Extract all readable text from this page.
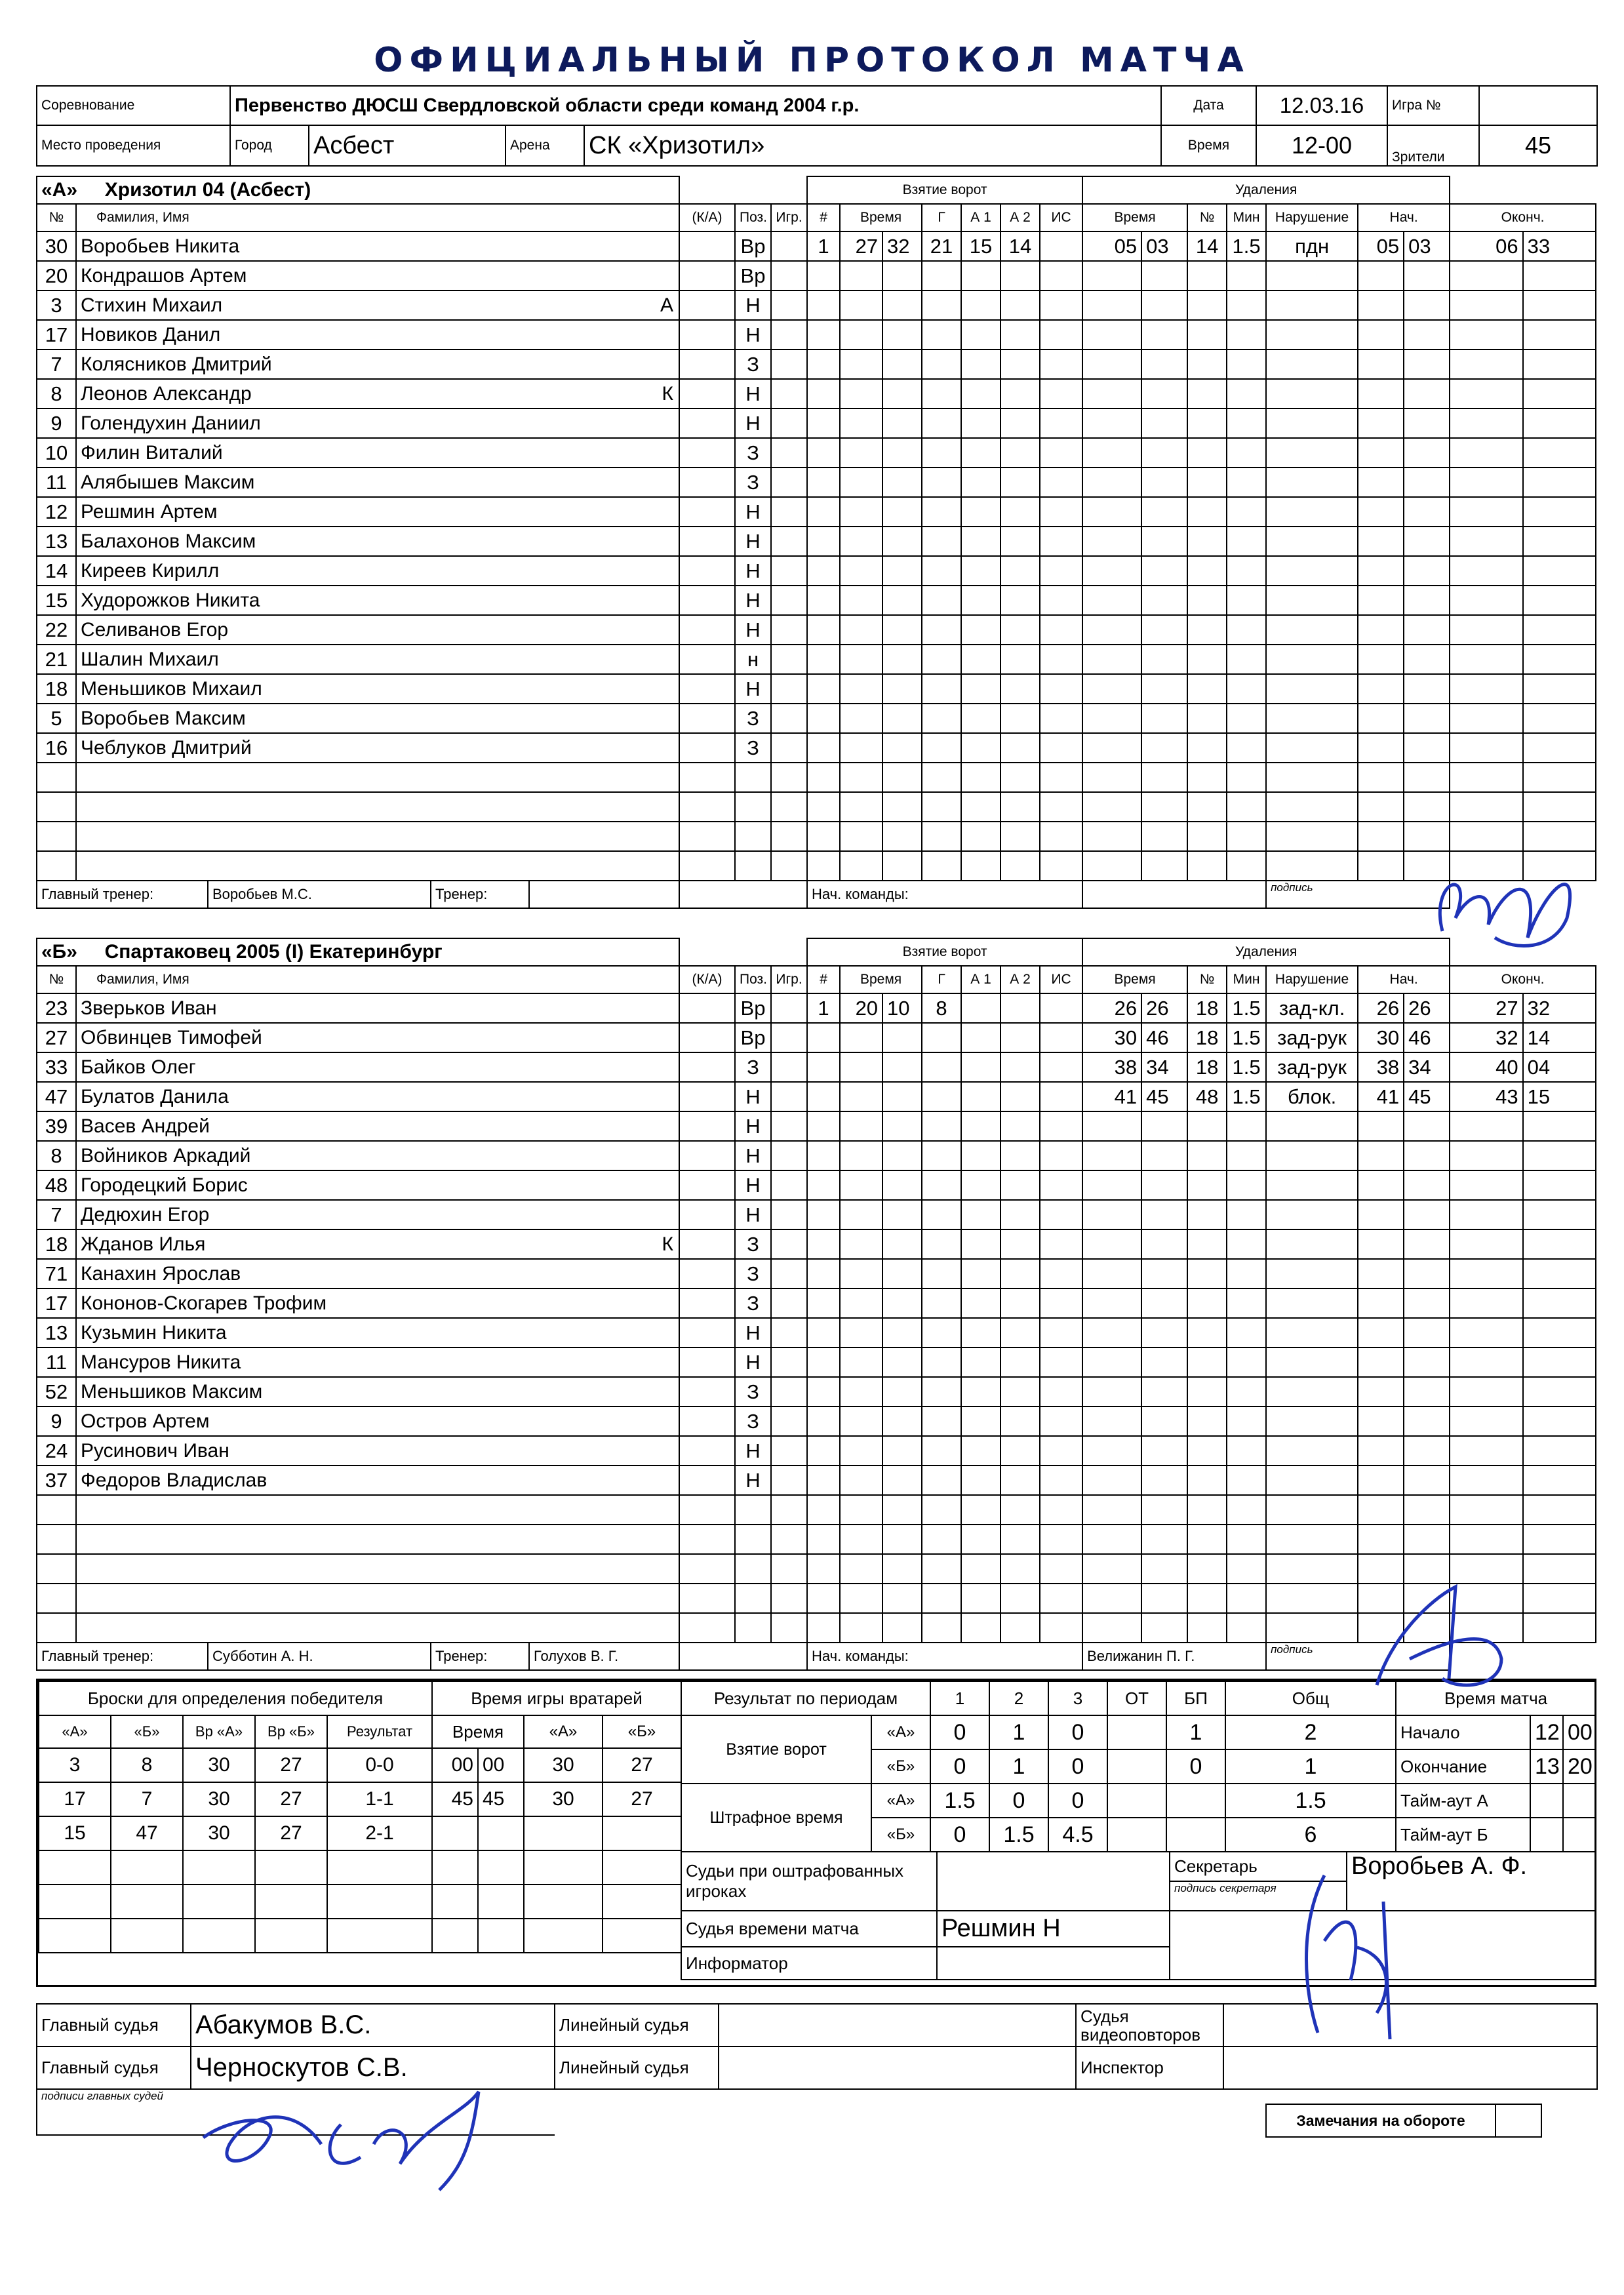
ОФИЦИАЛЬНЫЙ ПРОТОКОЛ МАТЧА
Соревнование	Первенство ДЮСШ Свердловской области среди команд 2004 г.р.	Дата	12.03.16	Игра №	
Место проведения	Город	Асбест	Арена	СК «Хризотил»	Время	12-00	Зрители	45
«А» Хризотил 04 (Асбест)		Взятие ворот	Удаления
№	Фамилия, Имя	(К/А)	Поз.	Игр.	#	Время	Г	А 1	А 2	ИС	Время	№	Мин	Нарушение	Нач.	Оконч.
30	Воробьев Никита		Вр		1	27	32	21	15	14		05	03	14	1.5	пдн	05	03	06	33
20	Кондрашов Артем		Вр																	
3	Стихин Михаил	А		Н																	
17	Новиков Данил		Н																	
7	Колясников Дмитрий		З																	
8	Леонов Александр	К		Н																	
9	Голендухин Даниил		Н																	
10	Филин Виталий		З																	
11	Алябышев Максим		З																	
12	Решмин Артем		Н																	
13	Балахонов Максим		Н																	
14	Киреев Кирилл		Н																	
15	Худорожков Никита		Н																	
22	Селиванов Егор		Н																	
21	Шалин Михаил		н																	
18	Меньшиков Михаил		Н																	
5	Воробьев Максим		З																	
16	Чеблуков Дмитрий		З																	

Главный тренер:	Воробьев М.С.	Тренер:	
			Нач. команды:		подпись
«Б» Спартаковец 2005 (I) Екатеринбург		Взятие ворот	Удаления
№	Фамилия, Имя	(К/А)	Поз.	Игр.	#	Время	Г	А 1	А 2	ИС	Время	№	Мин	Нарушение	Нач.	Оконч.
23	Зверьков Иван		Вр		1	20	10	8				26	26	18	1.5	зад-кл.	26	26	27	32
27	Обвинцев Тимофей		Вр									30	46	18	1.5	зад-рук	30	46	32	14
33	Байков Олег		З									38	34	18	1.5	зад-рук	38	34	40	04
47	Булатов Данила		Н									41	45	48	1.5	блок.	41	45	43	15
39	Васев Андрей		Н																	
8	Войников Аркадий		Н																	
48	Городецкий Борис		Н																	
7	Дедюхин Егор		Н																	
18	Жданов Илья	К		З																	
71	Канахин Ярослав		З																	
17	Кононов-Скогарев Трофим		З																	
13	Кузьмин Никита		Н																	
11	Мансуров Никита		Н																	
52	Меньшиков Максим		З																	
9	Остров Артем		З																	
24	Русинович Иван		Н																	
37	Федоров Владислав		Н																	

Главный тренер:	Субботин А. Н.	Тренер:	Голухов В. Г.
			Нач. команды:	Велижанин П. Г.	подпись
Броски для определения победителя				
«А»	«Б»	Вр «А»	Вр «Б»	Результат
3	8	30	27	0-0
17	7	30	27	1-1
15	47	30	27	2-1

Время игры вратарей			
Время		«А»	«Б»
00	00	30	27
45	45	30	27

Результат по периодам		1	2	3	ОТ	БП	Общ
Взятие ворот	«А»	0	1	0		1	2
	«Б»	0	1	0		0	1
Штрафное время	«А»	1.5	0	0			1.5
	«Б»	0	1.5	4.5			6
Время матча		
Начало	12	00
Окончание	13	20
Тайм-аут А		
Тайм-аут Б		
Судьи при оштрафованных игроках		Секретарь	Воробьев А. Ф.
		подпись секретаря	
Судья времени матча	Решмин Н		
Информатор			
Главный судья	Абакумов В.С.	Линейный судья		Судья видеоповторов	
Главный судья	Черноскутов С.В.	Линейный судья		Инспектор	
подписи главных судей					
Замечания на обороте	
